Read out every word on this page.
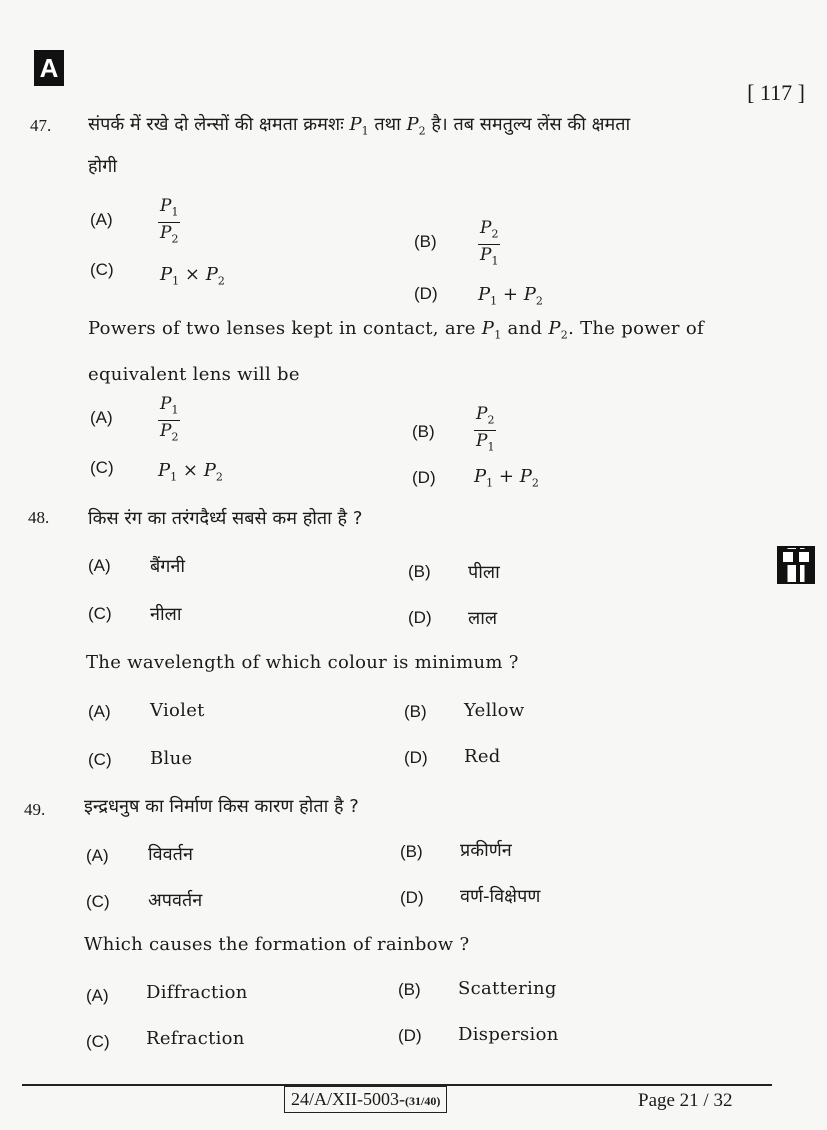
A
[ 117 ]
47. संपर्क में रखे दो लेन्सों की क्षमता क्रमशः $P_1$ तथा $P_2$ है। तब समतुल्य लेंस की क्षमता
होगी
(A)	$\frac{P_1}{P_2}$	$(B) \frac{P_2}{P_1}$
(C)	$P_1 \times P_2$
(D) $P_1 + P_2$
Powers of two lenses kept in contact, are $P_1$ and $P_2$. The power of
equivalent lens will be
(A)	$\frac{P_1}{P_2}$	$(B) \frac{P_2}{P_1}$
(C) $P_1 \times P_2$	(D) $P_1 + P_2$
48. किस रंग का तरंगदैर्ध्य सबसे कम होता है ?
(A) बैंगनी	(B) पीला
(C) नीला	(D) लाल
The wavelength of which colour is minimum ?
(A) Violet	(B) Yellow
(C) Blue	(D) Red
49. इन्द्रधनुष का निर्माण किस कारण होता है ?
(A) विवर्तन	(B) प्रकीर्णन
(C) अपवर्तन	(D) वर्ण-विक्षेपण
Which causes the formation of rainbow ?
(A) Diffraction	(B) Scattering
(C) Refraction	(D) Dispersion
24/A/XII-5003-(31/40)	Page 21 / 32
